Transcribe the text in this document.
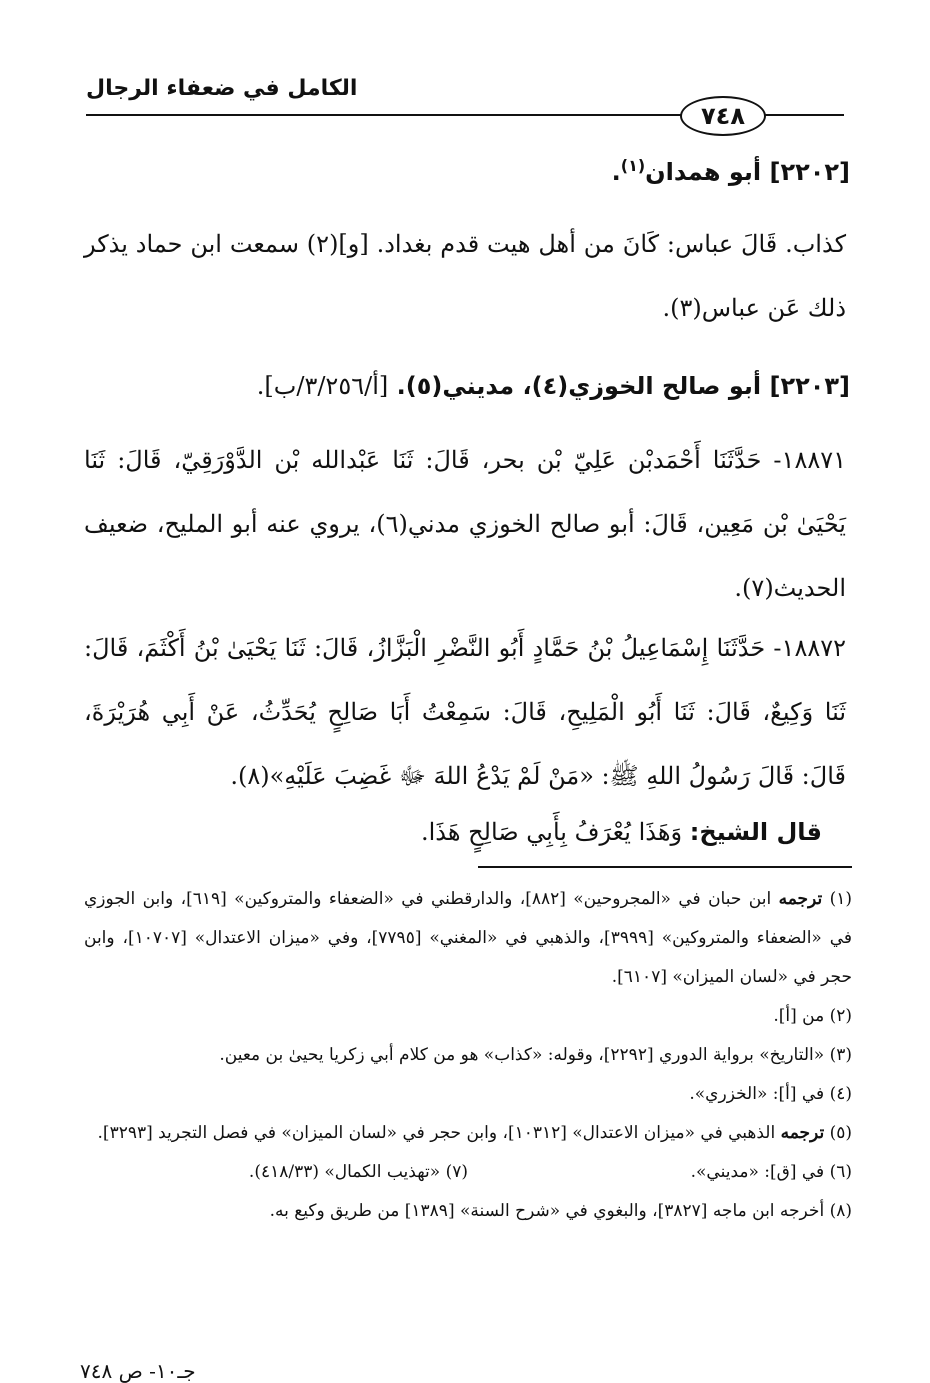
الكامل في ضعفاء الرجال
٧٤٨
[٢٢٠٢] أبو همدان$^{(١)}$.
كذاب. قَالَ عباس: كَانَ من أهل هيت قدم بغداد. [و](٢) سمعت ابن حماد يذكر ذلك عَن عباس(٣).
[٢٢٠٣] أبو صالح الخوزي(٤)، مديني(٥). [أ/٣/٢٥٦/ب].
١٨٨٧١- حَدَّثَنَا أَحْمَدبْن عَلِيّ بْن بحر، قَالَ: ثَنَا عَبْدالله بْن الدَّوْرَقِيّ، قَالَ: ثَنَا يَحْيَىٰ بْن مَعِين، قَالَ: أبو صالح الخوزي مدني(٦)، يروي عنه أبو المليح، ضعيف الحديث(٧).
١٨٨٧٢- حَدَّثَنَا إِسْمَاعِيلُ بْنُ حَمَّادٍ أَبُو النَّضْرِ الْبَزَّازُ، قَالَ: ثَنَا يَحْيَىٰ بْنُ أَكْثَمَ، قَالَ: ثَنَا وَكِيعٌ، قَالَ: ثَنَا أَبُو الْمَلِيحِ، قَالَ: سَمِعْتُ أَبَا صَالِحٍ يُحَدِّثُ، عَنْ أَبِي هُرَيْرَةَ، قَالَ: قَالَ رَسُولُ اللهِ ﷺ: «مَنْ لَمْ يَدْعُ اللهَ ﷻ غَضِبَ عَلَيْهِ»(٨).
قال الشيخ: وَهَذَا يُعْرَفُ بِأَبِي صَالِحٍ هَذَا.
(١) ترجمه ابن حبان في «المجروحين» [٨٨٢]، والدارقطني في «الضعفاء والمتروكين» [٦١٩]، وابن الجوزي في «الضعفاء والمتروكين» [٣٩٩٩]، والذهبي في «المغني» [٧٧٩٥]، وفي «ميزان الاعتدال» [١٠٧٠٧]، وابن حجر في «لسان الميزان» [٦١٠٧].
(٢) من [أ].
(٣) «التاريخ» برواية الدوري [٢٢٩٢]، وقوله: «كذاب» هو من كلام أبي زكريا يحيىٰ بن معين.
(٤) في [أ]: «الخزري».
(٥) ترجمه الذهبي في «ميزان الاعتدال» [١٠٣١٢]، وابن حجر في «لسان الميزان» في فصل التجريد [٣٢٩٣].
(٦) في [ق]: «مديني».
(٧) «تهذيب الكمال» (٤١٨/٣٣).
(٨) أخرجه ابن ماجه [٣٨٢٧]، والبغوي في «شرح السنة» [١٣٨٩] من طريق وكيع به.
جـ١٠- ص ٧٤٨
